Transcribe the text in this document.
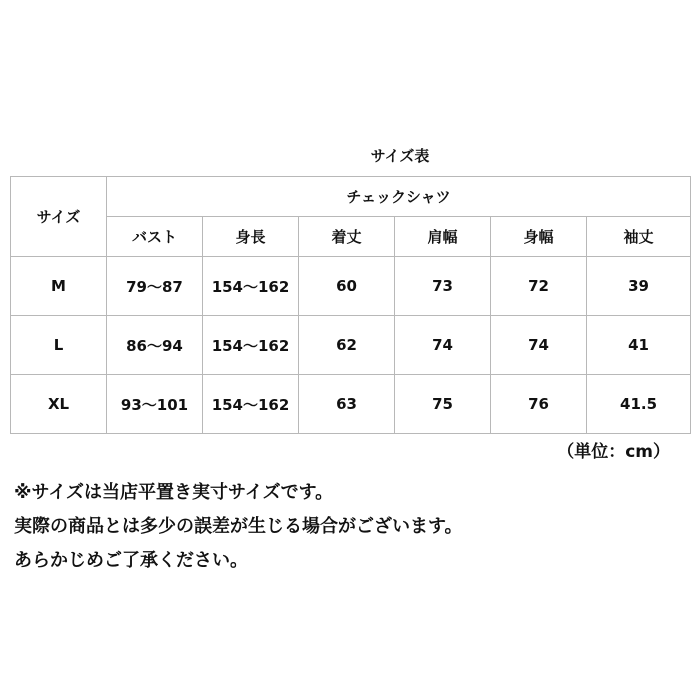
サイズ表
サイズ	チェックシャツ					
	バスト	身長	着丈	肩幅	身幅	袖丈
M	79〜87	154〜162	60	73	72	39
L	86〜94	154〜162	62	74	74	41
XL	93〜101	154〜162	63	75	76	41.5
（単位：cm）
※サイズは当店平置き実寸サイズです。
実際の商品とは多少の誤差が生じる場合がございます。
あらかじめご了承ください。
